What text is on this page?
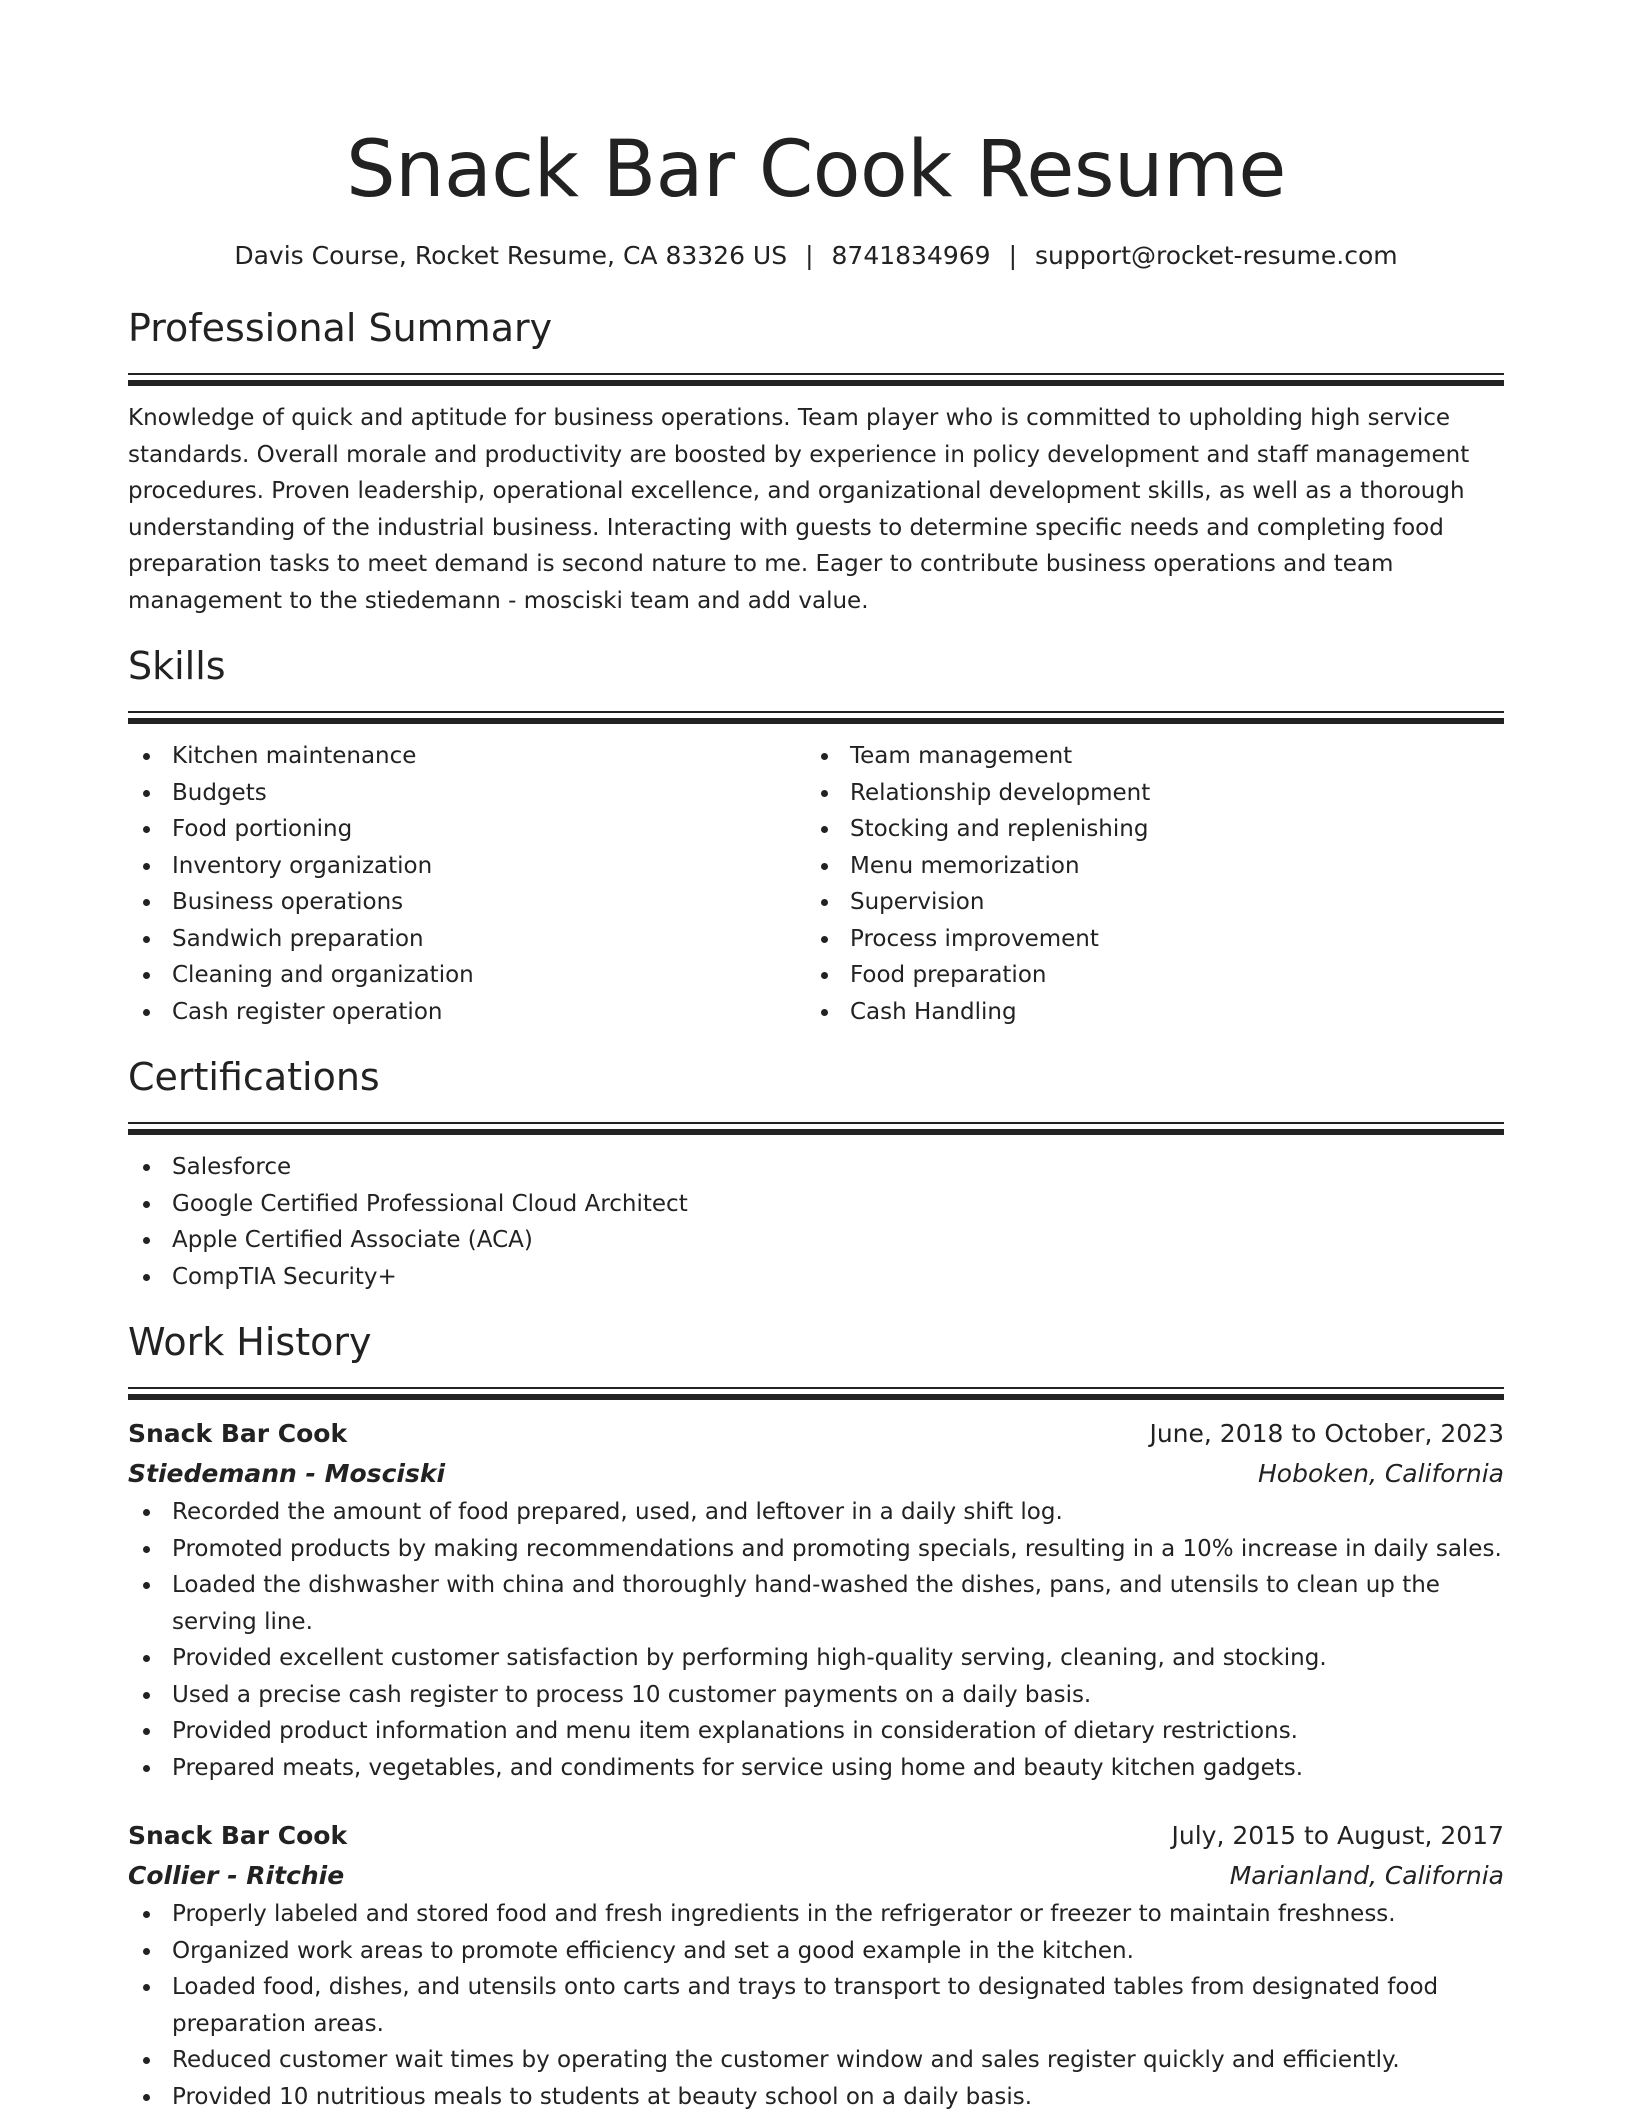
Snack Bar Cook Resume
Davis Course, Rocket Resume, CA 83326 US | 8741834969 | support@rocket-resume.com
Professional Summary

Knowledge of quick and aptitude for business operations. Team player who is committed to upholding high service standards. Overall morale and productivity are boosted by experience in policy development and staff management procedures. Proven leadership, operational excellence, and organizational development skills, as well as a thorough understanding of the industrial business. Interacting with guests to determine specific needs and completing food preparation tasks to meet demand is second nature to me. Eager to contribute business operations and team management to the stiedemann - mosciski team and add value.

Skills
Kitchen maintenance
Budgets
Food portioning
Inventory organization
Business operations
Sandwich preparation
Cleaning and organization
Cash register operation
Team management
Relationship development
Stocking and replenishing
Menu memorization
Supervision
Process improvement
Food preparation
Cash Handling
Certifications
Salesforce
Google Certified Professional Cloud Architect
Apple Certified Associate (ACA)
CompTIA Security+
Work History
Snack Bar Cook	June, 2018 to October, 2023
Stiedemann - Mosciski	Hoboken, California
Recorded the amount of food prepared, used, and leftover in a daily shift log.
Promoted products by making recommendations and promoting specials, resulting in a 10% increase in daily sales.
Loaded the dishwasher with china and thoroughly hand-washed the dishes, pans, and utensils to clean up the serving line.
Provided excellent customer satisfaction by performing high-quality serving, cleaning, and stocking.
Used a precise cash register to process 10 customer payments on a daily basis.
Provided product information and menu item explanations in consideration of dietary restrictions.
Prepared meats, vegetables, and condiments for service using home and beauty kitchen gadgets.
Snack Bar Cook	July, 2015 to August, 2017
Collier - Ritchie	Marianland, California
Properly labeled and stored food and fresh ingredients in the refrigerator or freezer to maintain freshness.
Organized work areas to promote efficiency and set a good example in the kitchen.
Loaded food, dishes, and utensils onto carts and trays to transport to designated tables from designated food preparation areas.
Reduced customer wait times by operating the customer window and sales register quickly and efficiently.
Provided 10 nutritious meals to students at beauty school on a daily basis.
